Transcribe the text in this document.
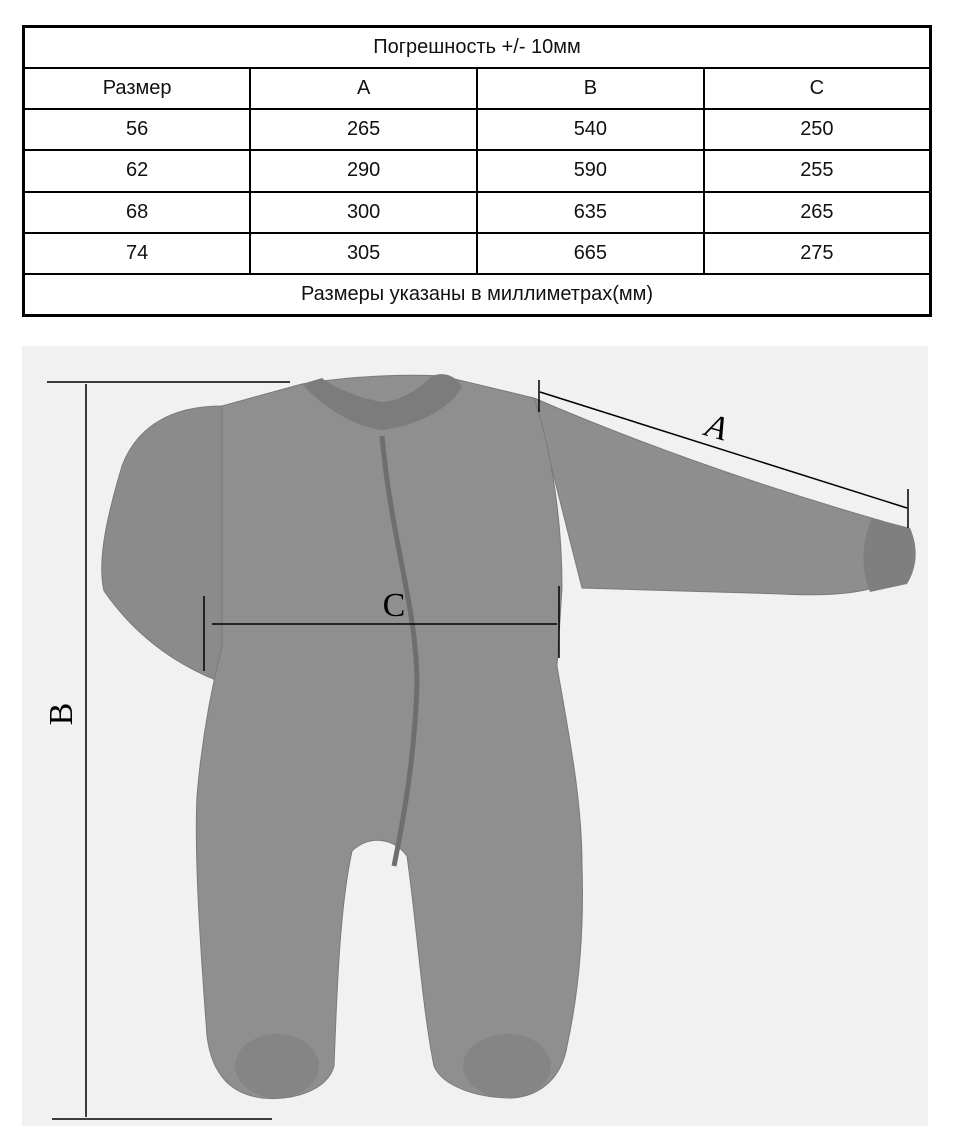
Погрешность +/- 10мм			
Размер	A	B	C
56	265	540	250
62	290	590	255
68	300	635	265
74	305	665	275
Размеры указаны в миллиметрах(мм)			
A
B
C
